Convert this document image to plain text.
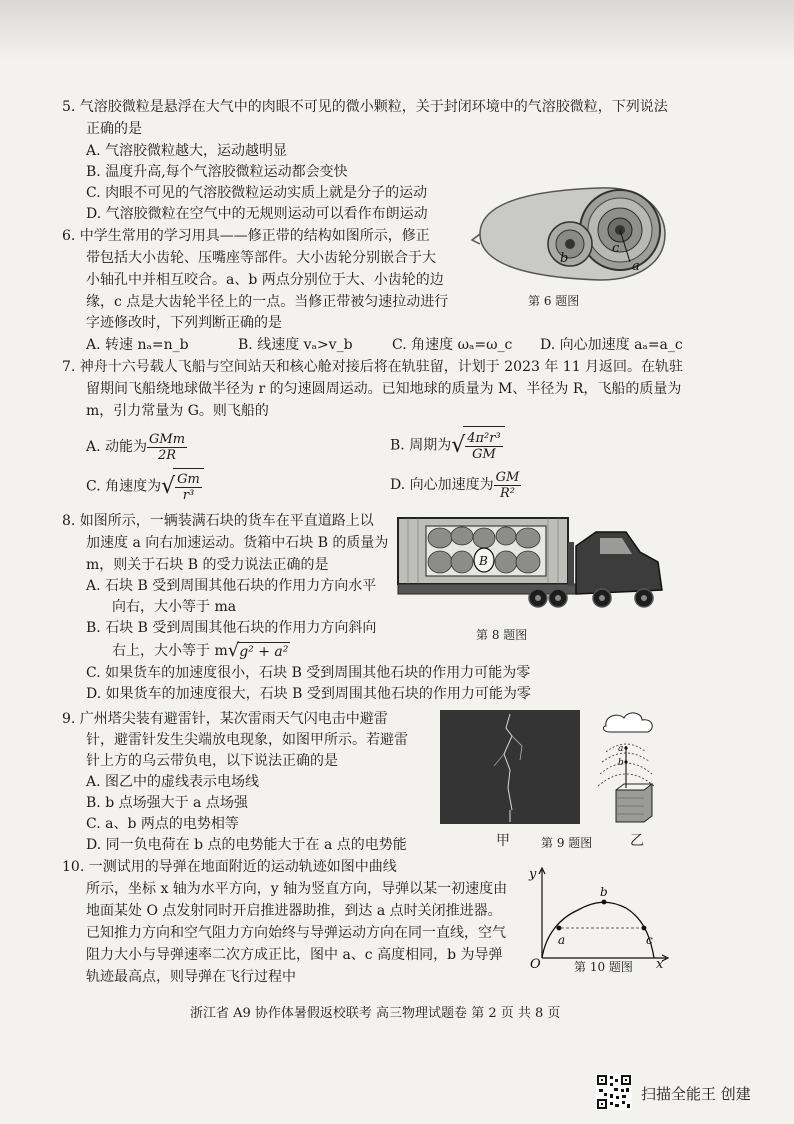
5. 气溶胶微粒是悬浮在大气中的肉眼不可见的微小颗粒，关于封闭环境中的气溶胶微粒，下列说法
正确的是
A. 气溶胶微粒越大，运动越明显
B. 温度升高,每个气溶胶微粒运动都会变快
C. 肉眼不可见的气溶胶微粒运动实质上就是分子的运动
D. 气溶胶微粒在空气中的无规则运动可以看作布朗运动
6. 中学生常用的学习用具——修正带的结构如图所示，修正
带包括大小齿轮、压嘴座等部件。大小齿轮分别嵌合于大
小轴孔中并相互咬合。a、b 两点分别位于大、小齿轮的边
缘，c 点是大齿轮半径上的一点。当修正带被匀速拉动进行
字迹修改时，下列判断正确的是
A. 转速 nₐ=n_b	B. 线速度 vₐ>v_b	C. 角速度 ωₐ=ω_c D. 向心加速度 aₐ=a_c
b
c
a
第 6 题图
7. 神舟十六号载人飞船与空间站天和核心舱对接后将在轨驻留，计划于 2023 年 11 月返回。在轨驻
留期间飞船绕地球做半径为 r 的匀速圆周运动。已知地球的质量为 M、半径为 R，飞船的质量为
m，引力常量为 G。则飞船的
A. 动能为 $\frac{\text{GMm}}{2R}$	B. 周期为√ $\frac{\text{4π²r³}}{GM}$
C. 角速度为√ $\frac{Gm}{\text{r³}}$	D. 向心加速度为 $\frac{GM}{\text{R²}}$
8. 如图所示，一辆装满石块的货车在平直道路上以
加速度 a 向右加速运动。货箱中石块 B 的质量为
m，则关于石块 B 的受力说法正确的是
A. 石块 B 受到周围其他石块的作用力方向水平
向右，大小等于 ma
B. 石块 B 受到周围其他石块的作用力方向斜向
右上，大小等于 m√g² + a²
C. 如果货车的加速度很小，石块 B 受到周围其他石块的作用力可能为零
D. 如果货车的加速度很大，石块 B 受到周围其他石块的作用力可能为零
B
第 8 题图
9. 广州塔尖装有避雷针，某次雷雨天气闪电击中避雷
针，避雷针发生尖端放电现象，如图甲所示。若避雷
针上方的乌云带负电，以下说法正确的是
A. 图乙中的虚线表示电场线
B. b 点场强大于 a 点场强
C. a、b 两点的电势相等
D. 同一负电荷在 b 点的电势能大于在 a 点的电势能	甲	第 9 题图	乙
a
b
10. 一测试用的导弹在地面附近的运动轨迹如图中曲线
所示，坐标 x 轴为水平方向，y 轴为竖直方向，导弹以某一初速度由
地面某处 O 点发射同时开启推进器助推，到达 a 点时关闭推进器。
已知推力方向和空气阻力方向始终与导弹运动方向在同一直线，空气
阻力大小与导弹速率二次方成正比，图中 a、c 高度相同，b 为导弹
轨迹最高点，则导弹在飞行过程中
y
x
O
a
b
c
第 10 题图
浙江省 A9 协作体暑假返校联考 高三物理试题卷 第 2 页 共 8 页
扫描全能王 创建
